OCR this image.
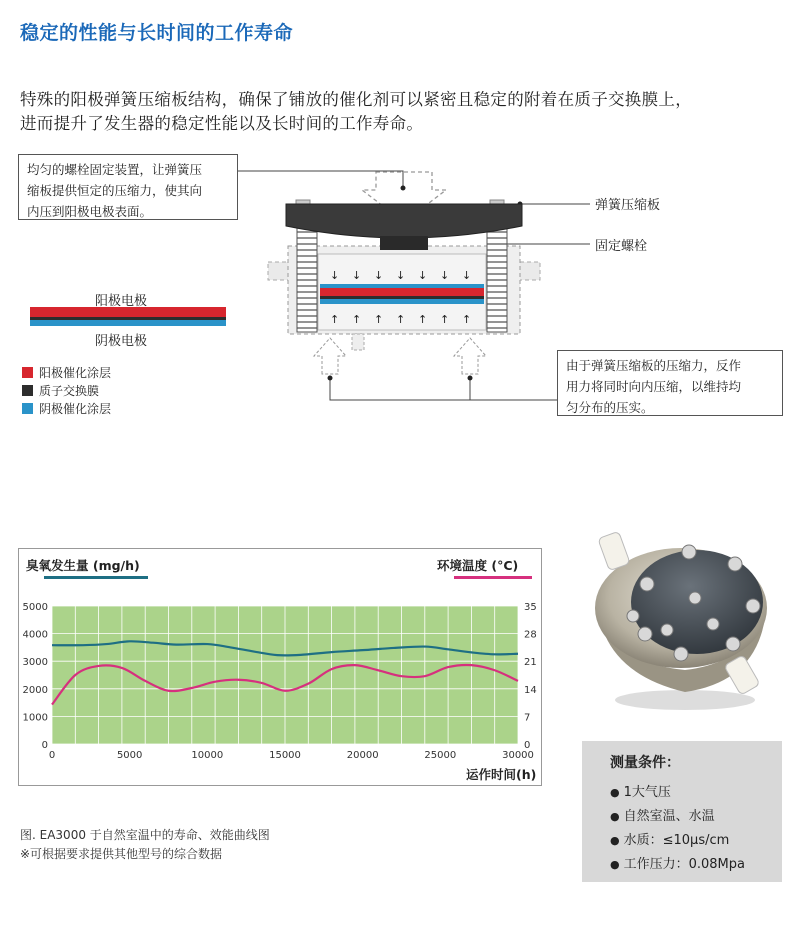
稳定的性能与长时间的工作寿命
特殊的阳极弹簧压缩板结构，确保了铺放的催化剂可以紧密且稳定的附着在质子交换膜上，
进而提升了发生器的稳定性能以及长时间的工作寿命。
↓ ↓ ↓ ↓ ↓ ↓ ↓
↑ ↑ ↑ ↑ ↑ ↑ ↑
均匀的螺栓固定装置，让弹簧压
缩板提供恒定的压缩力，使其向
内压到阳极电极表面。
由于弹簧压缩板的压缩力，反作
用力将同时向内压缩，以维持均
匀分布的压实。
弹簧压缩板
固定螺栓
阳极电极
阴极电极
阳极催化涂层
质子交换膜
阴极催化涂层
臭氧发生量 (mg/h)	环境温度 (°C)
运作时间(h)
0	5000	10000	15000	20000	25000	30000
0
1000
2000
3000
4000
5000
0
7
14
21
28
35
图. EA3000 于自然室温中的寿命、效能曲线图
※可根据要求提供其他型号的综合数据
测量条件：
● 1大气压
● 自然室温、水温
● 水质：≤10μs/cm
● 工作压力：0.08Mpa
